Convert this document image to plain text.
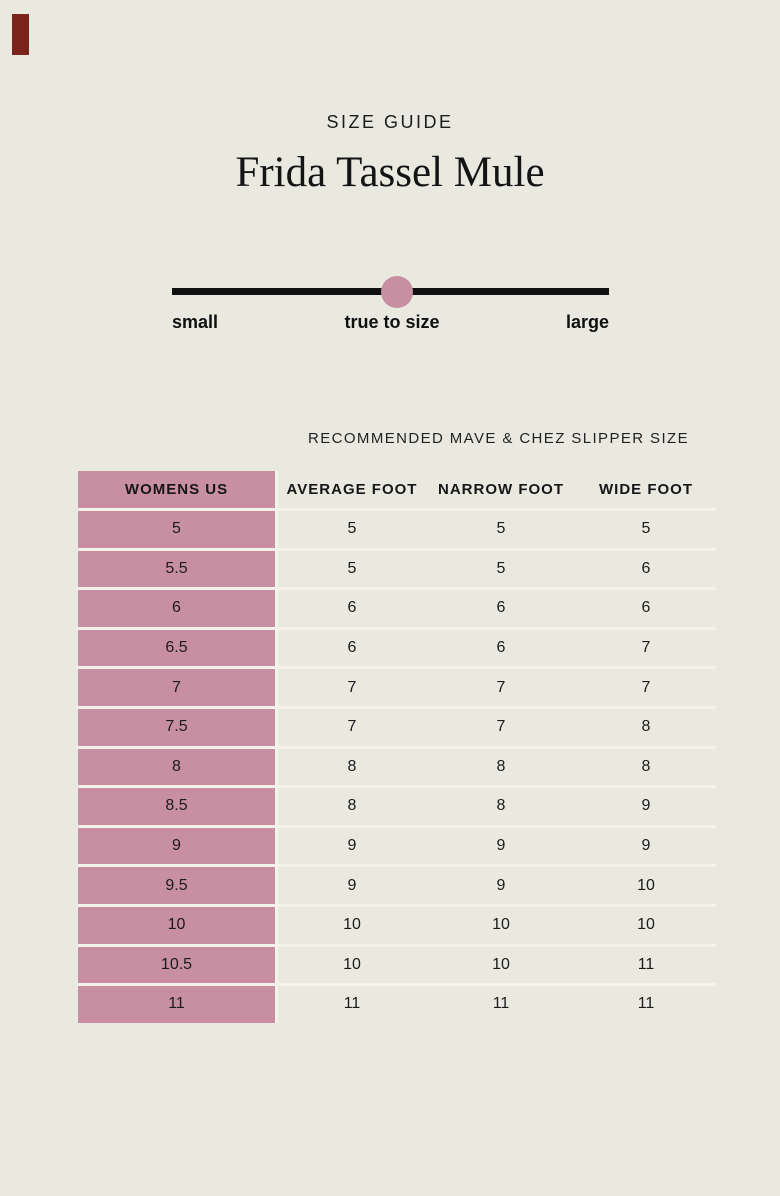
SIZE GUIDE
Frida Tassel Mule
small	true to size	large
RECOMMENDED MAVE & CHEZ SLIPPER SIZE
WOMENS US	AVERAGE FOOT	NARROW FOOT	WIDE FOOT
5	5	5	5
5.5	5	5	6
6	6	6	6
6.5	6	6	7
7	7	7	7
7.5	7	7	8
8	8	8	8
8.5	8	8	9
9	9	9	9
9.5	9	9	10
10	10	10	10
10.5	10	10	11
11	11	11	11
